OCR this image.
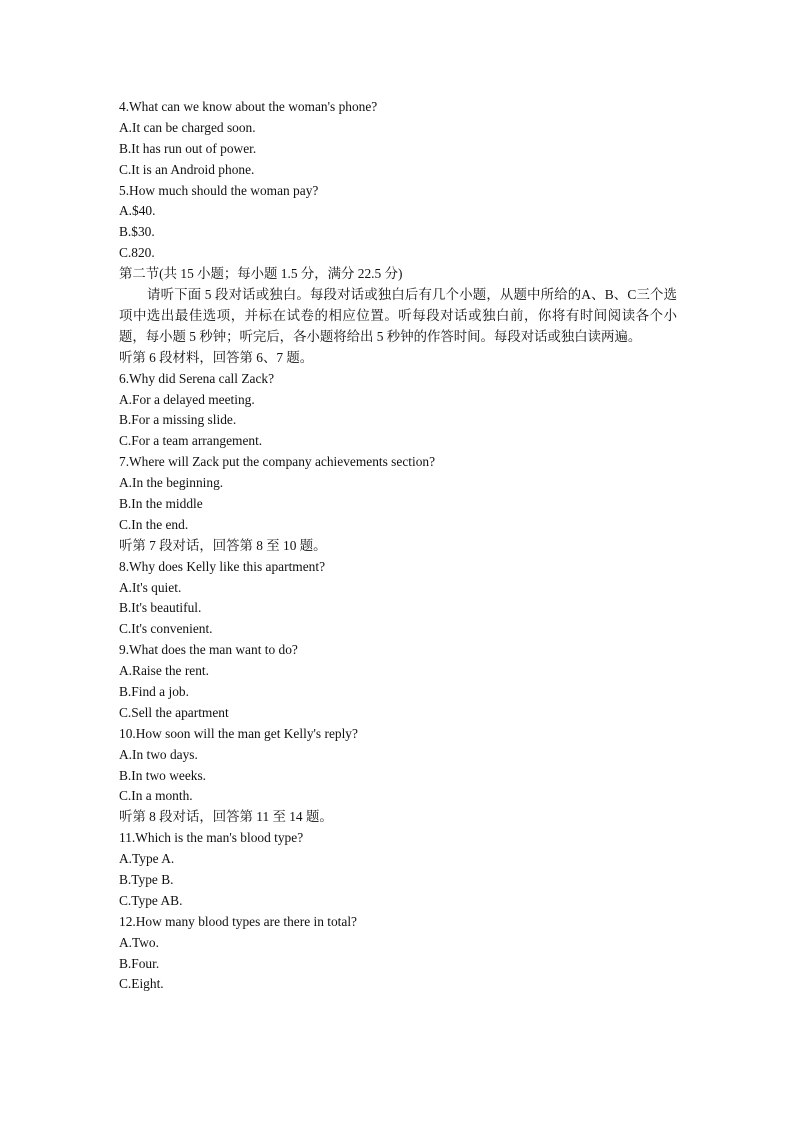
4.What can we know about the woman's phone?
A.It can be charged soon.
B.It has run out of power.
C.It is an Android phone.
5.How much should the woman pay?
A.$40.
B.$30.
C.820.
第二节(共 15 小题；每小题 1.5 分，满分 22.5 分)
请听下面 5 段对话或独白。每段对话或独白后有几个小题，从题中所给的A、B、C三个选项中选出最佳选项，并标在试卷的相应位置。听每段对话或独白前，你将有时间阅读各个小题，每小题 5 秒钟；听完后，各小题将给出 5 秒钟的作答时间。每段对话或独白读两遍。
听第 6 段材料，回答第 6、7 题。
6.Why did Serena call Zack?
A.For a delayed meeting.
B.For a missing slide.
C.For a team arrangement.
7.Where will Zack put the company achievements section?
A.In the beginning.
B.In the middle
C.In the end.
听第 7 段对话，回答第 8 至 10 题。
8.Why does Kelly like this apartment?
A.It's quiet.
B.It's beautiful.
C.It's convenient.
9.What does the man want to do?
A.Raise the rent.
B.Find a job.
C.Sell the apartment
10.How soon will the man get Kelly's reply?
A.In two days.
B.In two weeks.
C.In a month.
听第 8 段对话，回答第 11 至 14 题。
11.Which is the man's blood type?
A.Type A.
B.Type B.
C.Type AB.
12.How many blood types are there in total?
A.Two.
B.Four.
C.Eight.
